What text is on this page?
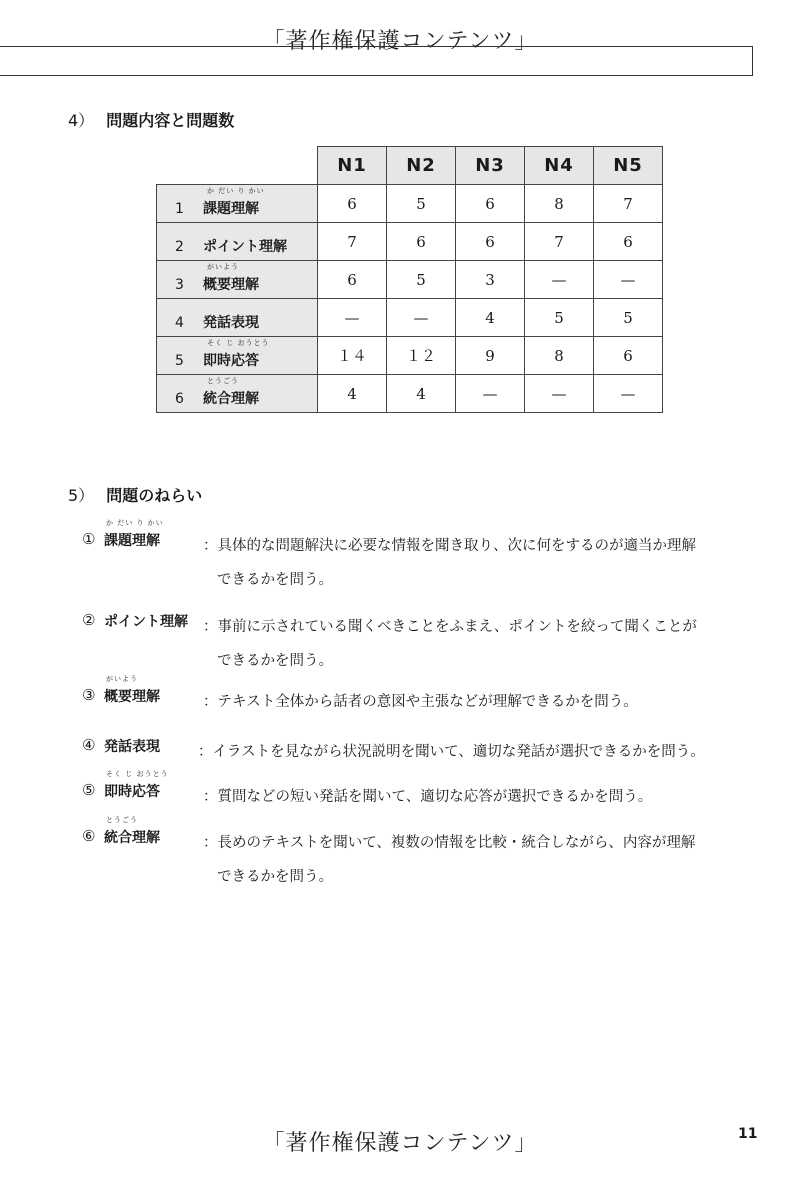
「著作権保護コンテンツ」
4） 問題内容と問題数
	N1	N2	N3	N4	N5

か だい り かい
1 課題理解	6	5	6	8	7

2 ポイント理解	7	6	6	7	6

がいよう
3 概要理解	6	5	3	—	—

4 発話表現	—	—	4	5	5

そく じ おうとう
5 即時応答	１４	１２	9	8	6

とうごう
6 統合理解	4	4	—	—	—
5） 問題のねらい
①
か だい り かい
課題理解	：具体的な問題解決に必要な情報を聞き取り、次に何をするのが適当か理解
できるかを問う。
② ポイント理解 ：事前に示されている聞くべきことをふまえ、ポイントを絞って聞くことが
できるかを問う。
③
がいよう
概要理解	：テキスト全体から話者の意図や主張などが理解できるかを問う。
④ 発話表現	：イラストを見ながら状況説明を聞いて、適切な発話が選択できるかを問う。
⑤
そく じ おうとう
即時応答	：質問などの短い発話を聞いて、適切な応答が選択できるかを問う。
⑥
とうごう
統合理解	：長めのテキストを聞いて、複数の情報を比較・統合しながら、内容が理解
できるかを問う。
「著作権保護コンテンツ」	11
